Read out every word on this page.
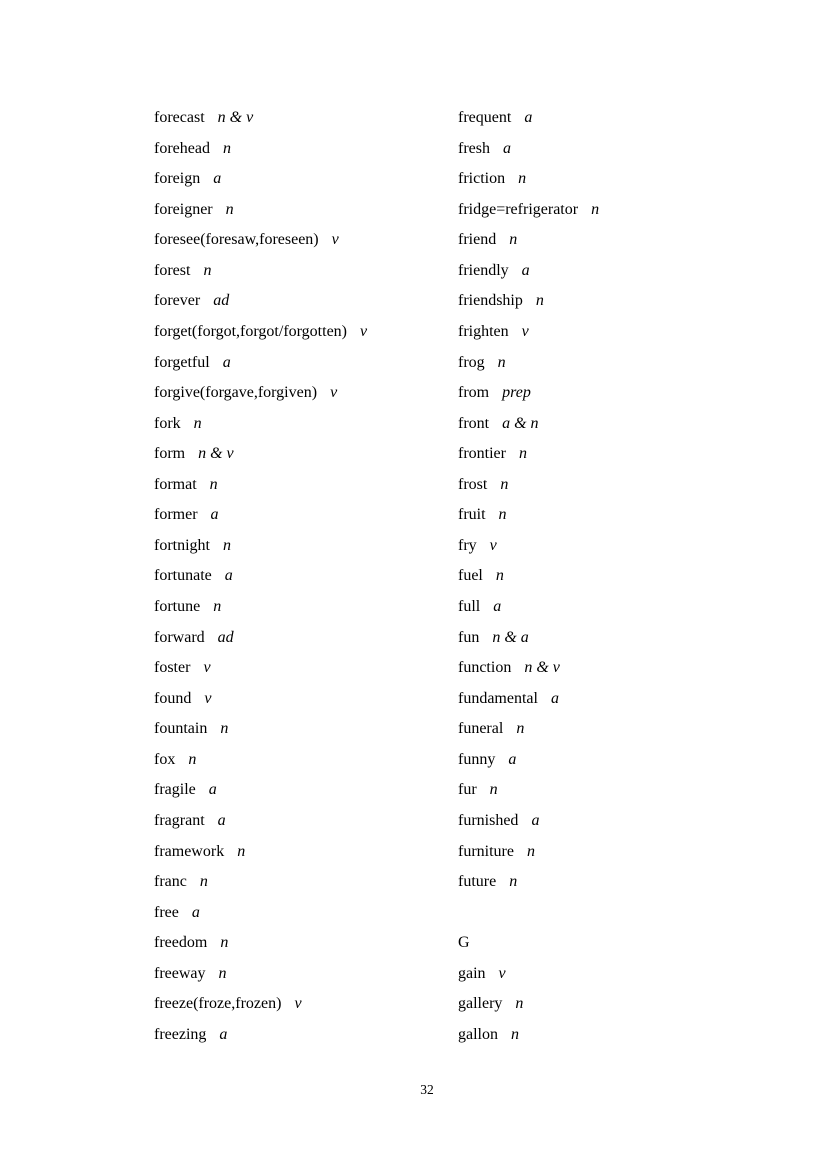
forecast n & v
forehead n
foreign a
foreigner n
foresee(foresaw,foreseen) v
forest n
forever ad
forget(forgot,forgot/forgotten) v
forgetful a
forgive(forgave,forgiven) v
fork n
form n & v
format n
former a
fortnight n
fortunate a
fortune n
forward ad
foster v
found v
fountain n
fox n
fragile a
fragrant a
framework n
franc n
free a
freedom n
freeway n
freeze(froze,frozen) v
freezing a
frequent a
fresh a
friction n
fridge=refrigerator n
friend n
friendly a
friendship n
frighten v
frog n
from prep
front a & n
frontier n
frost n
fruit n
fry v
fuel n
full a
fun n & a
function n & v
fundamental a
funeral n
funny a
fur n
furnished a
furniture n
future n
G
gain v
gallery n
gallon n
32
